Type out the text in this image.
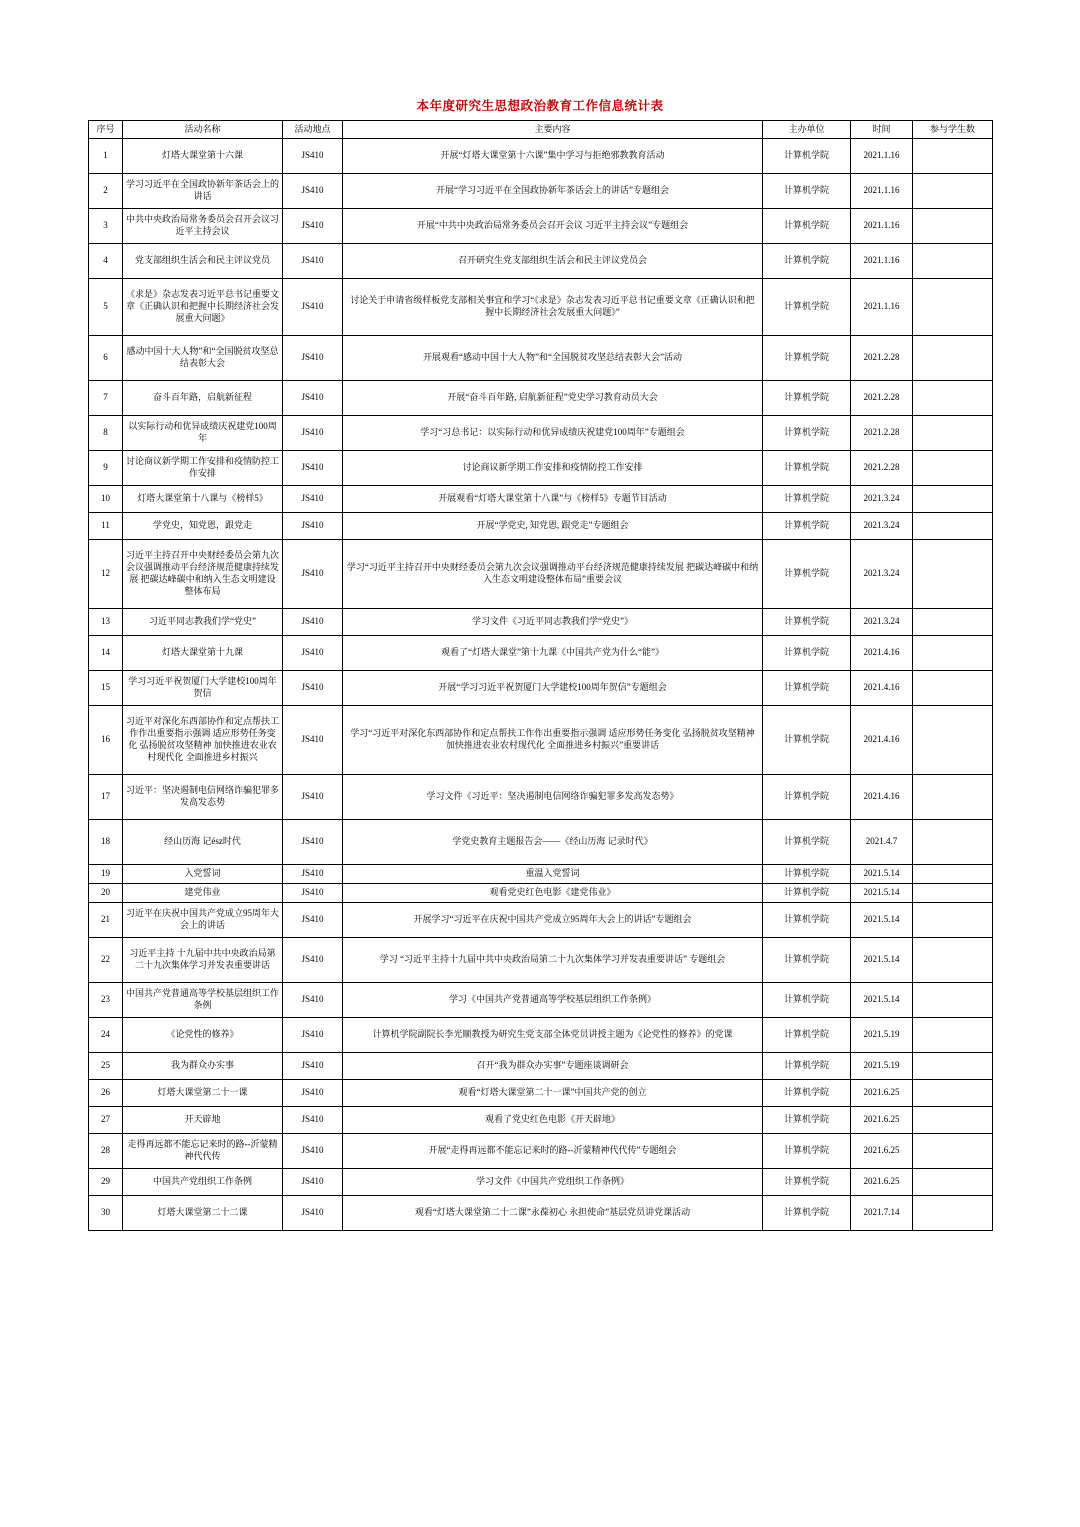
本年度研究生思想政治教育工作信息统计表
序号	活动名称	活动地点	主要内容	主办单位	时间	参与学生数
1	灯塔大课堂第十六课	JS410	开展“灯塔大课堂第十六课”集中学习与拒绝邪教教育活动	计算机学院	2021.1.16	
2	学习习近平在全国政协新年茶话会上的讲话	JS410	开展“学习习近平在全国政协新年茶话会上的讲话”专题组会	计算机学院	2021.1.16	
3	中共中央政治局常务委员会召开会议习近平主持会议	JS410	开展“中共中央政治局常务委员会召开会议 习近平主持会议”专题组会	计算机学院	2021.1.16	
4	党支部组织生活会和民主评议党员	JS410	召开研究生党支部组织生活会和民主评议党员会	计算机学院	2021.1.16	
5	《求是》杂志发表习近平总书记重要文章《正确认识和把握中长期经济社会发展重大问题》	JS410	讨论关于申请省级样板党支部相关事宜和学习“《求是》杂志发表习近平总书记重要文章《正确认识和把握中长期经济社会发展重大问题》”	计算机学院	2021.1.16	
6	感动中国十大人物”和“全国脱贫攻坚总结表彰大会	JS410	开展观看“感动中国十大人物”和“全国脱贫攻坚总结表彰大会”活动	计算机学院	2021.2.28	
7	奋斗百年路，启航新征程	JS410	开展“奋斗百年路, 启航新征程”党史学习教育动员大会	计算机学院	2021.2.28	
8	以实际行动和优异成绩庆祝建党100周年	JS410	学习“习总书记：以实际行动和优异成绩庆祝建党100周年”专题组会	计算机学院	2021.2.28	
9	讨论商议新学期工作安排和疫情防控工作安排	JS410	讨论商议新学期工作安排和疫情防控工作安排	计算机学院	2021.2.28	
10	灯塔大课堂第十八课与《榜样5》	JS410	开展观看“灯塔大课堂第十八课”与《榜样5》专题节目活动	计算机学院	2021.3.24	
11	学党史，知党恩，跟党走	JS410	开展“学党史, 知党恩, 跟党走”专题组会	计算机学院	2021.3.24	
12	习近平主持召开中央财经委员会第九次会议强调推动平台经济规范健康持续发展 把碳达峰碳中和纳入生态文明建设整体布局	JS410	学习“习近平主持召开中央财经委员会第九次会议强调推动平台经济规范健康持续发展 把碳达峰碳中和纳入生态文明建设整体布局”重要会议	计算机学院	2021.3.24	
13	习近平同志教我们学“党史”	JS410	学习文件《习近平同志教我们学“党史”》	计算机学院	2021.3.24	
14	灯塔大课堂第十九课	JS410	观看了“灯塔大课堂”第十九课《中国共产党为什么“能”》	计算机学院	2021.4.16	
15	学习习近平祝贺厦门大学建校100周年贺信	JS410	开展“学习习近平祝贺厦门大学建校100周年贺信”专题组会	计算机学院	2021.4.16	
16	习近平对深化东西部协作和定点帮扶工作作出重要指示强调 适应形势任务变化 弘扬脱贫攻坚精神 加快推进农业农村现代化 全面推进乡村振兴	JS410	学习“习近平对深化东西部协作和定点帮扶工作作出重要指示强调 适应形势任务变化 弘扬脱贫攻坚精神 加快推进农业农村现代化 全面推进乡村振兴”重要讲话	计算机学院	2021.4.16	
17	习近平：坚决遏制电信网络诈骗犯罪多发高发态势	JS410	学习文件《习近平：坚决遏制电信网络诈骗犯罪多发高发态势》	计算机学院	2021.4.16	
18	经山历海 记ész时代	JS410	学党史教育主题报告会——《经山历海 记录时代》	计算机学院	2021.4.7	
19	入党誓词	JS410	重温入党誓词	计算机学院	2021.5.14	
20	建党伟业	JS410	观看党史红色电影《建党伟业》	计算机学院	2021.5.14	
21	习近平在庆祝中国共产党成立95周年大会上的讲话	JS410	开展学习“习近平在庆祝中国共产党成立95周年大会上的讲话”专题组会	计算机学院	2021.5.14	
22	习近平主持 十九届中共中央政治局第二十九次集体学习并发表重要讲话	JS410	学习 “习近平主持十九届中共中央政治局第二十九次集体学习并发表重要讲话” 专题组会	计算机学院	2021.5.14	
23	中国共产党普通高等学校基层组织工作条例	JS410	学习《中国共产党普通高等学校基层组织工作条例》	计算机学院	2021.5.14	
24	《论党性的修养》	JS410	计算机学院副院长李光顺教授为研究生党支部全体党员讲授主题为《论党性的修养》的党课	计算机学院	2021.5.19	
25	我为群众办实事	JS410	召开“我为群众办实事”专题座谈调研会	计算机学院	2021.5.19	
26	灯塔大课堂第二十一课	JS410	观看“灯塔大课堂第二十一课”中国共产党的创立	计算机学院	2021.6.25	
27	开天辟地	JS410	观看了党史红色电影《开天辟地》	计算机学院	2021.6.25	
28	走得再远都不能忘记来时的路--沂蒙精神代代传	JS410	开展“走得再远都不能忘记来时的路--沂蒙精神代代传”专题组会	计算机学院	2021.6.25	
29	中国共产党组织工作条例	JS410	学习文件《中国共产党组织工作条例》	计算机学院	2021.6.25	
30	灯塔大课堂第二十二课	JS410	观看“灯塔大课堂第二十二课”永葆初心 永担使命”基层党员讲党课活动	计算机学院	2021.7.14	
